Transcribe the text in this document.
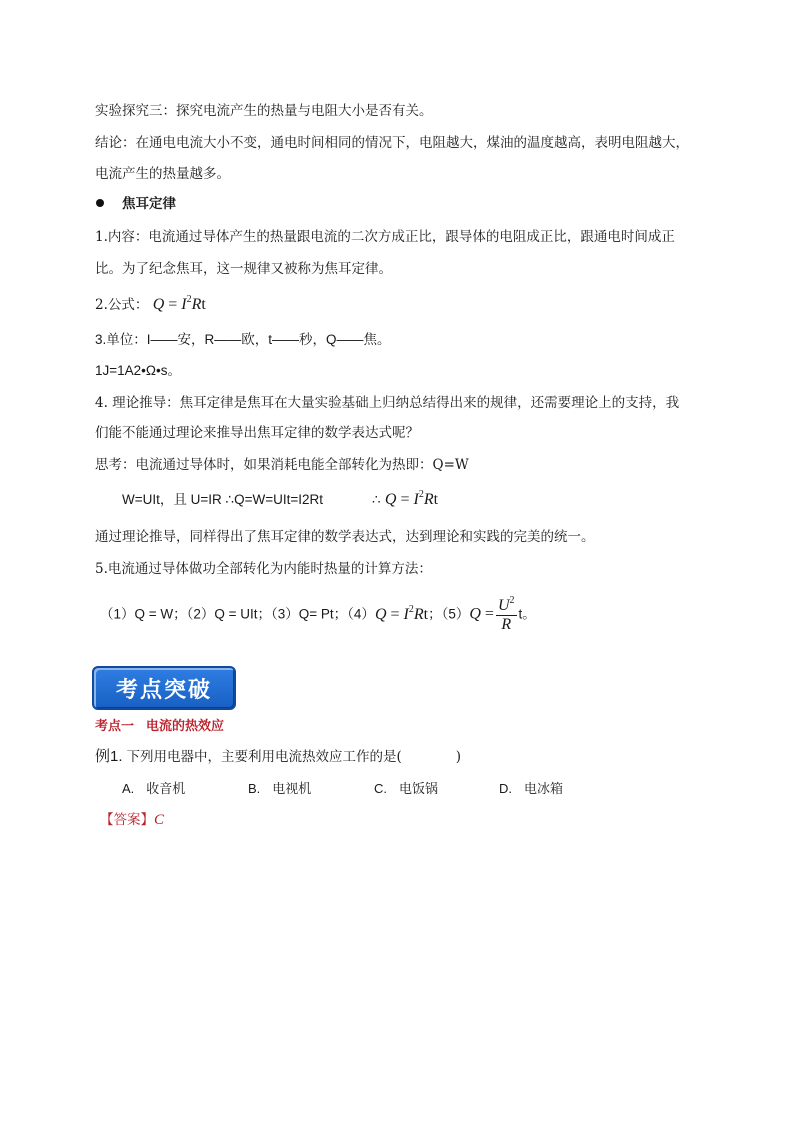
实验探究三：探究电流产生的热量与电阻大小是否有关。
结论：在通电电流大小不变，通电时间相同的情况下，电阻越大，煤油的温度越高，表明电阻越大，
电流产生的热量越多。
焦耳定律
1.内容：电流通过导体产生的热量跟电流的二次方成正比，跟导体的电阻成正比，跟通电时间成正
比。为了纪念焦耳，这一规律又被称为焦耳定律。
2.公式： $Q = I^2Rt$
3.单位：I——安，R——欧，t——秒，Q——焦。
1J=1A2•Ω•s。
4. 理论推导：焦耳定律是焦耳在大量实验基础上归纳总结得出来的规律，还需要理论上的支持，我
们能不能通过理论来推导出焦耳定律的数学表达式呢？
思考：电流通过导体时，如果消耗电能全部转化为热即：Q=W
W=UIt，且 U=IR ∴Q=W=UIt=I2Rt	∴ $Q = I^2Rt$
通过理论推导，同样得出了焦耳定律的数学表达式，达到理论和实践的完美的统一。
5.电流通过导体做功全部转化为内能时热量的计算方法：
（1）Q = W；（2）Q = UIt；（3）Q= Pt；$(4)Q = I^2Rt$；$(5)Q = \frac{U^2}{R}$ t。
考点突破
考点一 电流的热效应
例1. 下列用电器中，主要利用电流热效应工作的是(　　　　)
A. 收音机	B. 电视机	C. 电饭锅	D. 电冰箱
【答案】C
